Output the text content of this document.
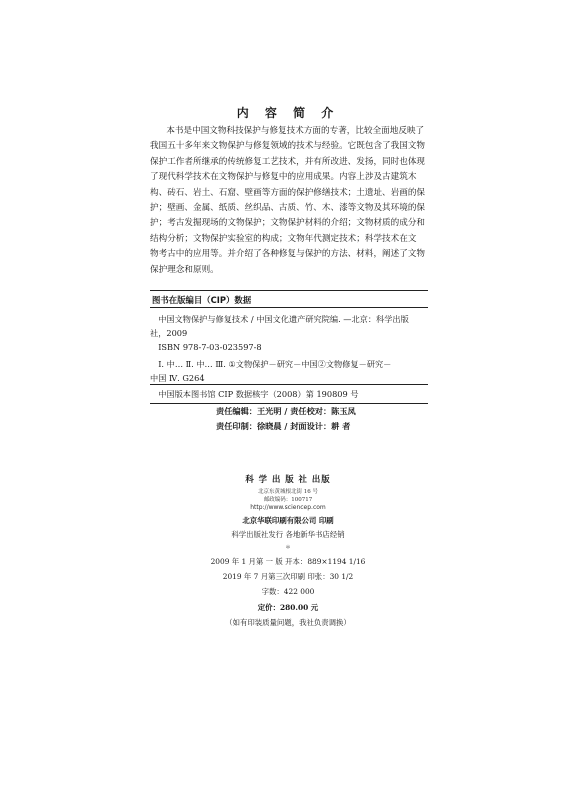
内 容 简 介

本书是中国文物科技保护与修复技术方面的专著，比较全面地反映了
我国五十多年来文物保护与修复领域的技术与经验。它既包含了我国文物
保护工作者所继承的传统修复工艺技术，并有所改进、发扬，同时也体现
了现代科学技术在文物保护与修复中的应用成果。内容上涉及古建筑木
构、砖石、岩土、石窟、壁画等方面的保护修缮技术；土遗址、岩画的保
护；壁画、金属、纸质、丝织品、古质、竹、木、漆等文物及其环境的保
护；考古发掘现场的文物保护；文物保护材料的介绍；文物材质的成分和
结构分析；文物保护实验室的构成；文物年代测定技术；科学技术在文
物考古中的应用等。并介绍了各种修复与保护的方法、材料，阐述了文物
保护理念和原则。

图书在版编目（CIP）数据
中国文物保护与修复技术 / 中国文化遗产研究院编. —北京：科学出版
社，2009
ISBN 978-7-03-023597-8
Ⅰ. 中… Ⅱ. 中… Ⅲ. ①文物保护－研究－中国②文物修复－研究－
中国 Ⅳ. G264
中国版本图书馆 CIP 数据核字（2008）第 190809 号
责任编辑：王光明 / 责任校对：陈玉凤
责任印制：徐晓晨 / 封面设计：耕 者
科 学 出 版 社 出版
北京东黄城根北街 16 号
邮政编码：100717
http://www.sciencep.com
北京华联印刷有限公司 印刷
科学出版社发行 各地新华书店经销
＊
2009 年 1 月第 一 版 开本：889×1194 1/16
2019 年 7 月第三次印刷 印张：30 1/2
字数：422 000
定价：280.00 元
（如有印装质量问题，我社负责调换）
